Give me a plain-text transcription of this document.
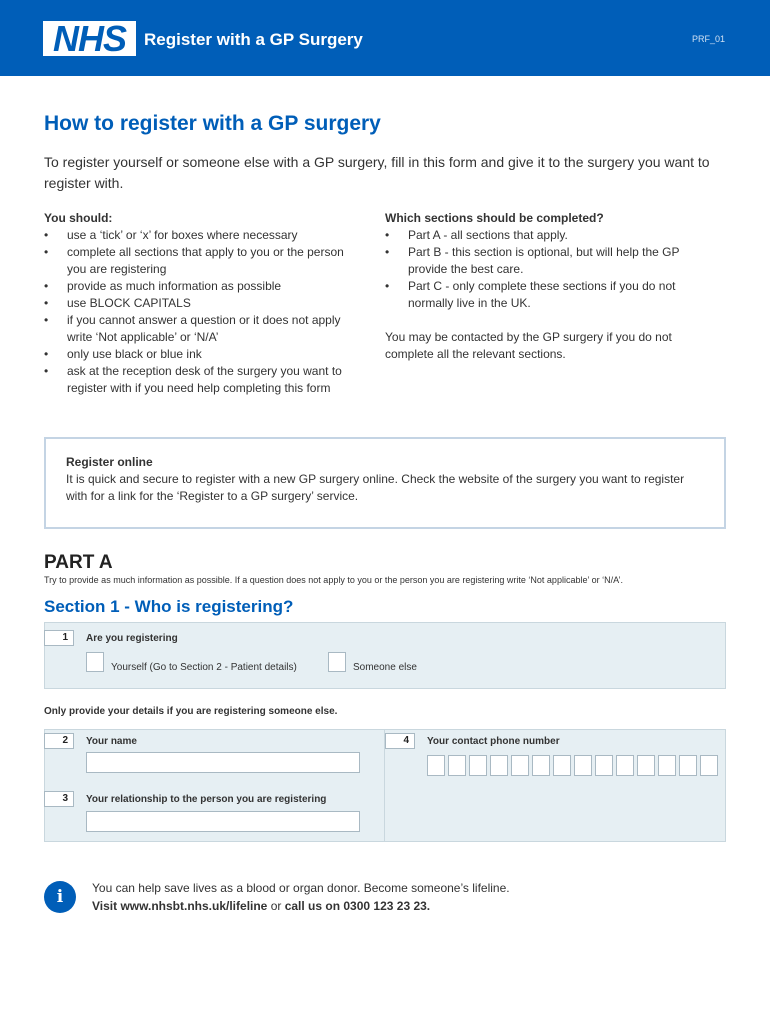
NHS	Register with a GP Surgery	PRF_01
How to register with a GP surgery
To register yourself or someone else with a GP surgery, fill in this form and give it to the surgery you want to register with.
You should:
• use a ‘tick’ or ‘x’ for boxes where necessary
• complete all sections that apply to you or the person you are registering
• provide as much information as possible
• use BLOCK CAPITALS
• if you cannot answer a question or it does not apply write ‘Not applicable’ or ‘N/A’
• only use black or blue ink
• ask at the reception desk of the surgery you want to register with if you need help completing this form
Which sections should be completed?
• Part A - all sections that apply.
• Part B - this section is optional, but will help the GP provide the best care.
• Part C - only complete these sections if you do not normally live in the UK.

You may be contacted by the GP surgery if you do not complete all the relevant sections.

Register online
It is quick and secure to register with a new GP surgery online. Check the website of the surgery you want to register with for a link for the ‘Register to a GP surgery’ service.
PART A
Try to provide as much information as possible. If a question does not apply to you or the person you are registering write ‘Not applicable’ or ‘N/A’.
Section 1 - Who is registering?
1	Are you registering
Yourself (Go to Section 2 - Patient details)	Someone else
Only provide your details if you are registering someone else.
2	Your name
3	Your relationship to the person you are registering
4	Your contact phone number
i	You can help save lives as a blood or organ donor. Become someone’s lifeline.
Visit www.nhsbt.nhs.uk/lifeline or call us on 0300 123 23 23.
